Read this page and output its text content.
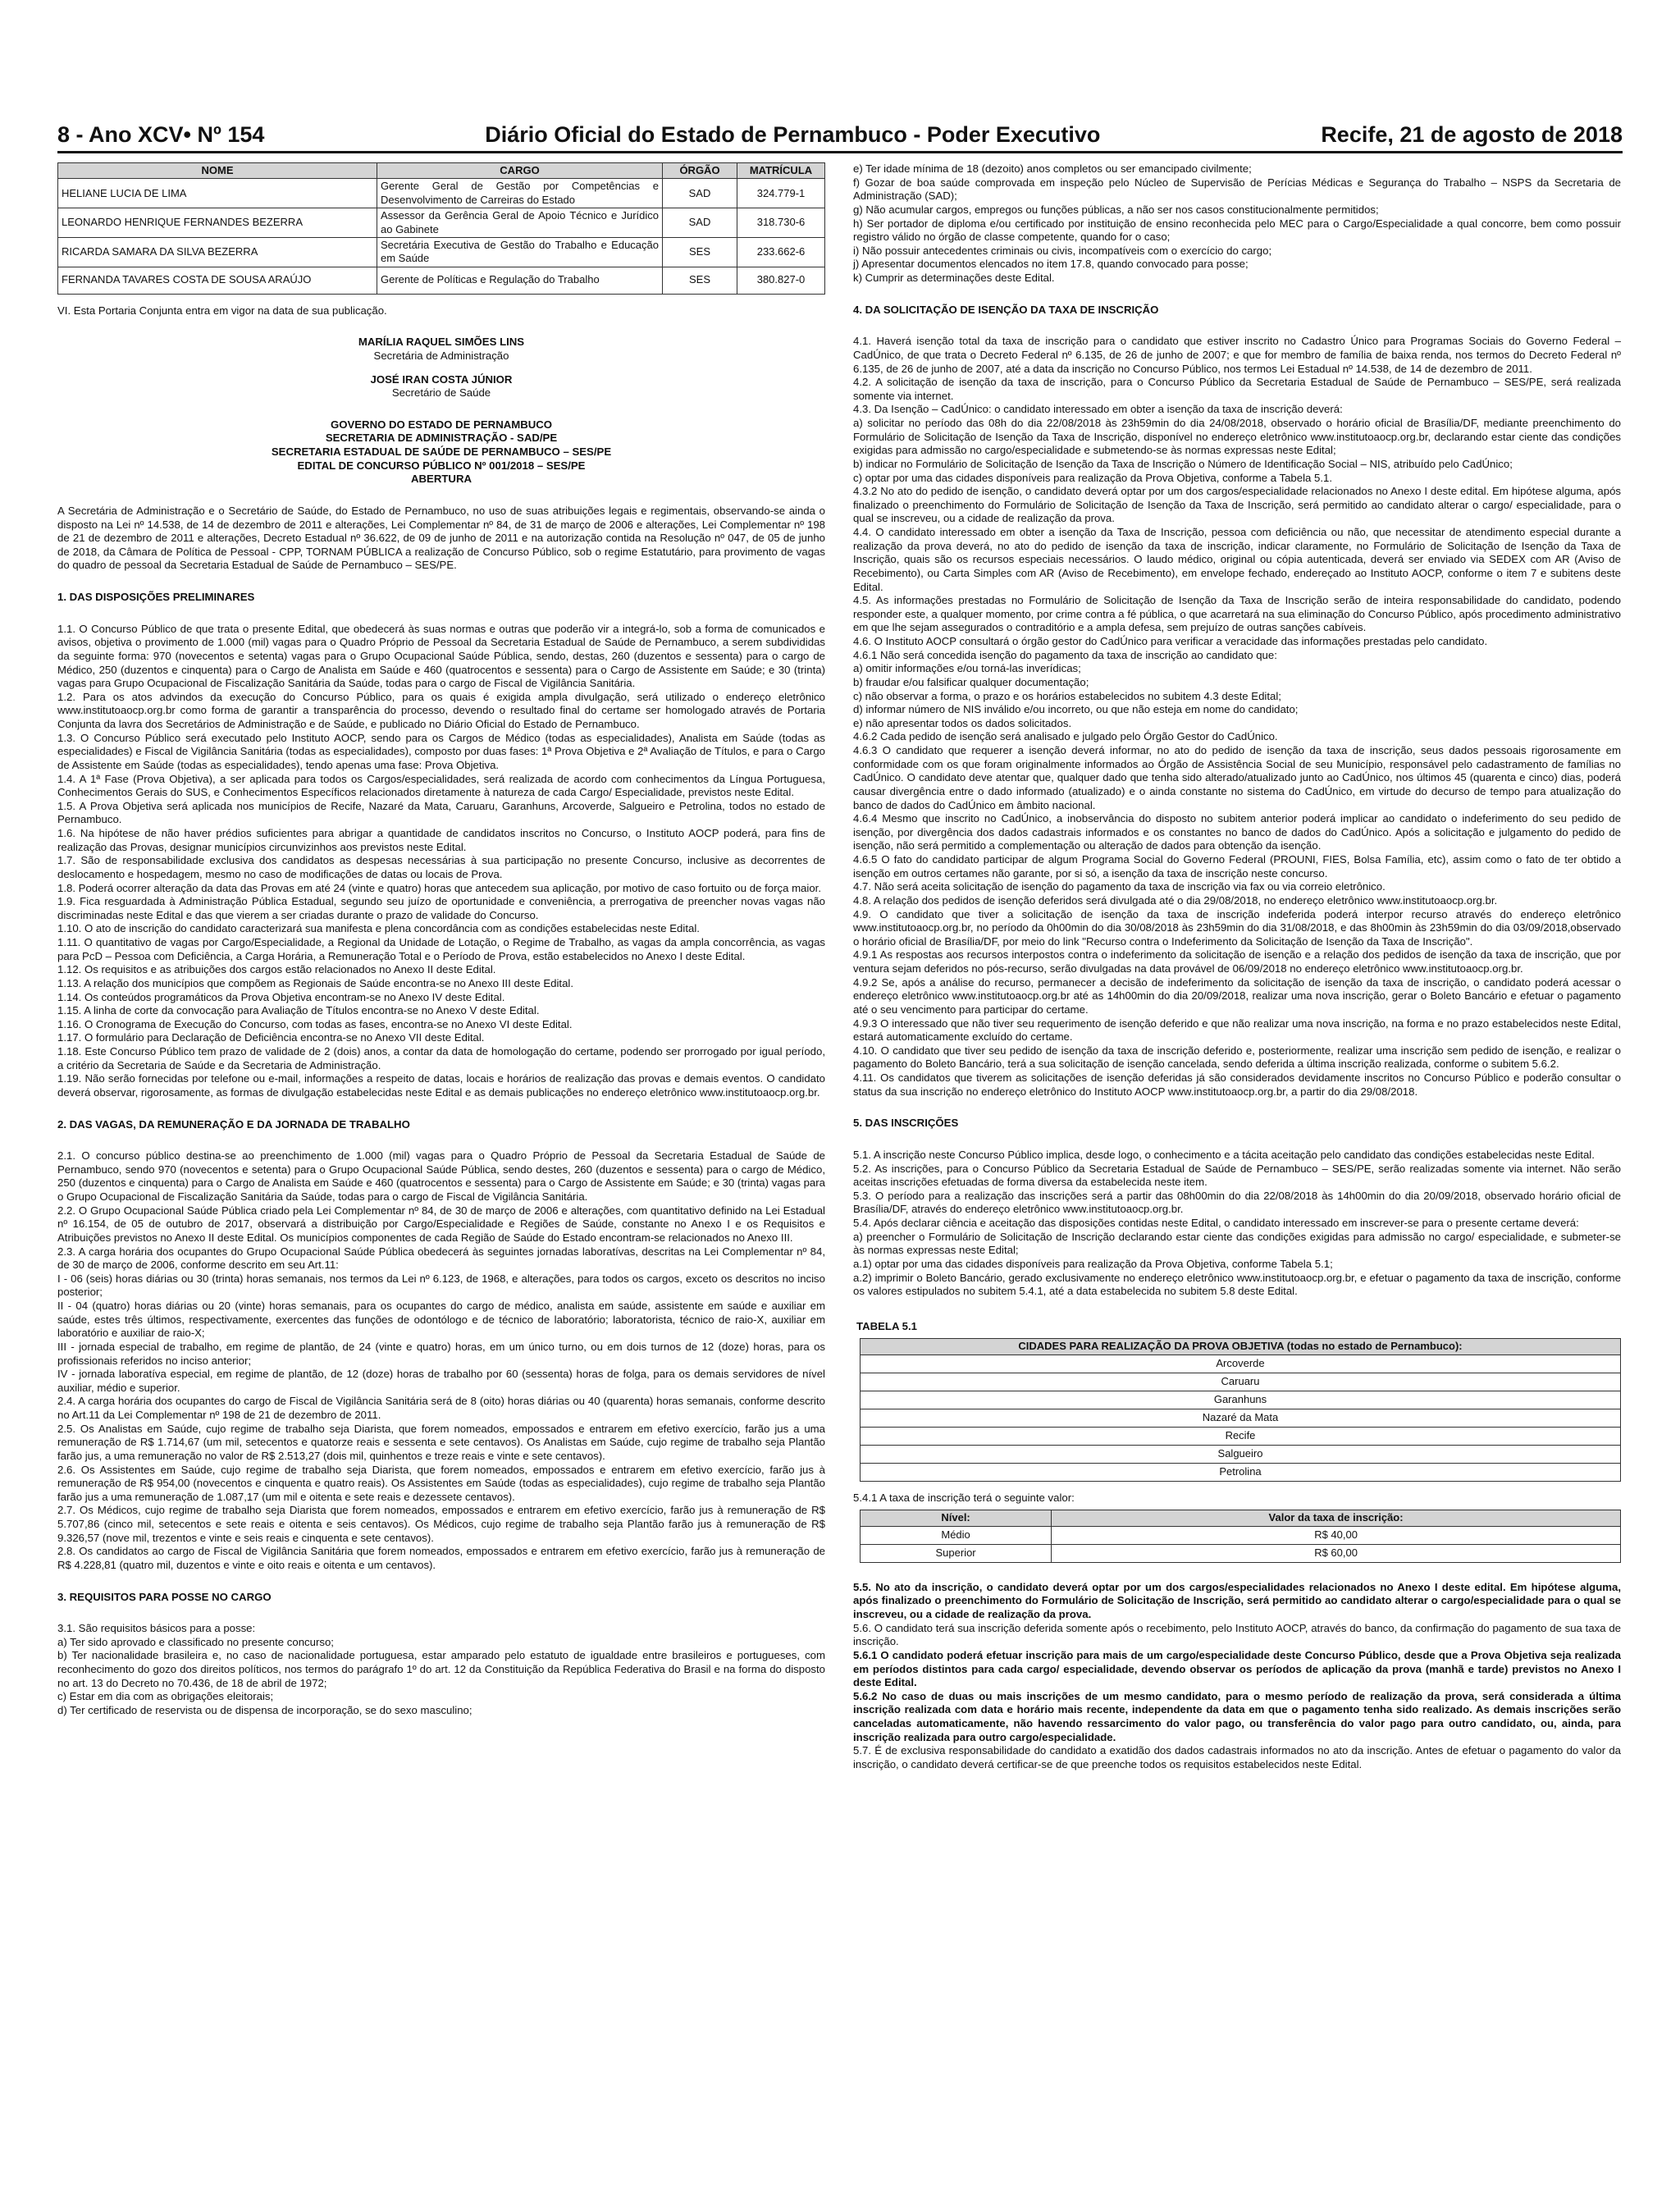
8 - Ano XCV• Nº 154	Diário Oficial do Estado de Pernambuco - Poder Executivo	Recife, 21 de agosto de 2018
NOME	CARGO	ÓRGÃO	MATRÍCULA
HELIANE LUCIA DE LIMA	Gerente Geral de Gestão por Competências e Desenvolvimento de Carreiras do Estado	SAD	324.779-1
LEONARDO HENRIQUE FERNANDES BEZERRA	Assessor da Gerência Geral de Apoio Técnico e Jurídico ao Gabinete	SAD	318.730-6
RICARDA SAMARA DA SILVA BEZERRA	Secretária Executiva de Gestão do Trabalho e Educação em Saúde	SES	233.662-6
FERNANDA TAVARES COSTA DE SOUSA ARAÚJO	Gerente de Políticas e Regulação do Trabalho	SES	380.827-0

VI. Esta Portaria Conjunta entra em vigor na data de sua publicação.

MARÍLIA RAQUEL SIMÕES LINS

Secretária de Administração

JOSÉ IRAN COSTA JÚNIOR

Secretário de Saúde

GOVERNO DO ESTADO DE PERNAMBUCO

SECRETARIA DE ADMINISTRAÇÃO - SAD/PE

SECRETARIA ESTADUAL DE SAÚDE DE PERNAMBUCO – SES/PE

EDITAL DE CONCURSO PÚBLICO Nº 001/2018 – SES/PE

ABERTURA

A Secretária de Administração e o Secretário de Saúde, do Estado de Pernambuco, no uso de suas atribuições legais e regimentais, observando-se ainda o disposto na Lei nº 14.538, de 14 de dezembro de 2011 e alterações, Lei Complementar nº 84, de 31 de março de 2006 e alterações, Lei Complementar nº 198 de 21 de dezembro de 2011 e alterações, Decreto Estadual nº 36.622, de 09 de junho de 2011 e na autorização contida na Resolução nº 047, de 05 de junho de 2018, da Câmara de Política de Pessoal - CPP, TORNAM PÚBLICA a realização de Concurso Público, sob o regime Estatutário, para provimento de vagas do quadro de pessoal da Secretaria Estadual de Saúde de Pernambuco – SES/PE.

1. DAS DISPOSIÇÕES PRELIMINARES

1.1. O Concurso Público de que trata o presente Edital, que obedecerá às suas normas e outras que poderão vir a integrá-lo, sob a forma de comunicados e avisos, objetiva o provimento de 1.000 (mil) vagas para o Quadro Próprio de Pessoal da Secretaria Estadual de Saúde de Pernambuco, a serem subdivididas da seguinte forma: 970 (novecentos e setenta) vagas para o Grupo Ocupacional Saúde Pública, sendo, destas, 260 (duzentos e sessenta) para o cargo de Médico, 250 (duzentos e cinquenta) para o Cargo de Analista em Saúde e 460 (quatrocentos e sessenta) para o Cargo de Assistente em Saúde; e 30 (trinta) vagas para Grupo Ocupacional de Fiscalização Sanitária da Saúde, todas para o cargo de Fiscal de Vigilância Sanitária.

1.2. Para os atos advindos da execução do Concurso Público, para os quais é exigida ampla divulgação, será utilizado o endereço eletrônico www.institutoaocp.org.br como forma de garantir a transparência do processo, devendo o resultado final do certame ser homologado através de Portaria Conjunta da lavra dos Secretários de Administração e de Saúde, e publicado no Diário Oficial do Estado de Pernambuco.

1.3. O Concurso Público será executado pelo Instituto AOCP, sendo para os Cargos de Médico (todas as especialidades), Analista em Saúde (todas as especialidades) e Fiscal de Vigilância Sanitária (todas as especialidades), composto por duas fases: 1ª Prova Objetiva e 2ª Avaliação de Títulos, e para o Cargo de Assistente em Saúde (todas as especialidades), tendo apenas uma fase: Prova Objetiva.

1.4. A 1ª Fase (Prova Objetiva), a ser aplicada para todos os Cargos/especialidades, será realizada de acordo com conhecimentos da Língua Portuguesa, Conhecimentos Gerais do SUS, e Conhecimentos Específicos relacionados diretamente à natureza de cada Cargo/ Especialidade, previstos neste Edital.

1.5. A Prova Objetiva será aplicada nos municípios de Recife, Nazaré da Mata, Caruaru, Garanhuns, Arcoverde, Salgueiro e Petrolina, todos no estado de Pernambuco.

1.6. Na hipótese de não haver prédios suficientes para abrigar a quantidade de candidatos inscritos no Concurso, o Instituto AOCP poderá, para fins de realização das Provas, designar municípios circunvizinhos aos previstos neste Edital.

1.7. São de responsabilidade exclusiva dos candidatos as despesas necessárias à sua participação no presente Concurso, inclusive as decorrentes de deslocamento e hospedagem, mesmo no caso de modificações de datas ou locais de Prova.

1.8. Poderá ocorrer alteração da data das Provas em até 24 (vinte e quatro) horas que antecedem sua aplicação, por motivo de caso fortuito ou de força maior.

1.9. Fica resguardada à Administração Pública Estadual, segundo seu juízo de oportunidade e conveniência, a prerrogativa de preencher novas vagas não discriminadas neste Edital e das que vierem a ser criadas durante o prazo de validade do Concurso.

1.10. O ato de inscrição do candidato caracterizará sua manifesta e plena concordância com as condições estabelecidas neste Edital.

1.11. O quantitativo de vagas por Cargo/Especialidade, a Regional da Unidade de Lotação, o Regime de Trabalho, as vagas da ampla concorrência, as vagas para PcD – Pessoa com Deficiência, a Carga Horária, a Remuneração Total e o Período de Prova, estão estabelecidos no Anexo I deste Edital.

1.12. Os requisitos e as atribuições dos cargos estão relacionados no Anexo II deste Edital.

1.13. A relação dos municípios que compõem as Regionais de Saúde encontra-se no Anexo III deste Edital.

1.14. Os conteúdos programáticos da Prova Objetiva encontram-se no Anexo IV deste Edital.

1.15. A linha de corte da convocação para Avaliação de Títulos encontra-se no Anexo V deste Edital.

1.16. O Cronograma de Execução do Concurso, com todas as fases, encontra-se no Anexo VI deste Edital.

1.17. O formulário para Declaração de Deficiência encontra-se no Anexo VII deste Edital.

1.18. Este Concurso Público tem prazo de validade de 2 (dois) anos, a contar da data de homologação do certame, podendo ser prorrogado por igual período, a critério da Secretaria de Saúde e da Secretaria de Administração.

1.19. Não serão fornecidas por telefone ou e-mail, informações a respeito de datas, locais e horários de realização das provas e demais eventos. O candidato deverá observar, rigorosamente, as formas de divulgação estabelecidas neste Edital e as demais publicações no endereço eletrônico www.institutoaocp.org.br.

2. DAS VAGAS, DA REMUNERAÇÃO E DA JORNADA DE TRABALHO

2.1. O concurso público destina-se ao preenchimento de 1.000 (mil) vagas para o Quadro Próprio de Pessoal da Secretaria Estadual de Saúde de Pernambuco, sendo 970 (novecentos e setenta) para o Grupo Ocupacional Saúde Pública, sendo destes, 260 (duzentos e sessenta) para o cargo de Médico, 250 (duzentos e cinquenta) para o Cargo de Analista em Saúde e 460 (quatrocentos e sessenta) para o Cargo de Assistente em Saúde; e 30 (trinta) vagas para o Grupo Ocupacional de Fiscalização Sanitária da Saúde, todas para o cargo de Fiscal de Vigilância Sanitária.

2.2. O Grupo Ocupacional Saúde Pública criado pela Lei Complementar nº 84, de 30 de março de 2006 e alterações, com quantitativo definido na Lei Estadual nº 16.154, de 05 de outubro de 2017, observará a distribuição por Cargo/Especialidade e Regiões de Saúde, constante no Anexo I e os Requisitos e Atribuições previstos no Anexo II deste Edital. Os municípios componentes de cada Região de Saúde do Estado encontram-se relacionados no Anexo III.

2.3. A carga horária dos ocupantes do Grupo Ocupacional Saúde Pública obedecerá às seguintes jornadas laboratívas, descritas na Lei Complementar nº 84, de 30 de março de 2006, conforme descrito em seu Art.11:

I - 06 (seis) horas diárias ou 30 (trinta) horas semanais, nos termos da Lei nº 6.123, de 1968, e alterações, para todos os cargos, exceto os descritos no inciso posterior;

II - 04 (quatro) horas diárias ou 20 (vinte) horas semanais, para os ocupantes do cargo de médico, analista em saúde, assistente em saúde e auxiliar em saúde, estes três últimos, respectivamente, exercentes das funções de odontólogo e de técnico de laboratório; laboratorista, técnico de raio-X, auxiliar em laboratório e auxiliar de raio-X;

III - jornada especial de trabalho, em regime de plantão, de 24 (vinte e quatro) horas, em um único turno, ou em dois turnos de 12 (doze) horas, para os profissionais referidos no inciso anterior;

IV - jornada laboratíva especial, em regime de plantão, de 12 (doze) horas de trabalho por 60 (sessenta) horas de folga, para os demais servidores de nível auxiliar, médio e superior.

2.4. A carga horária dos ocupantes do cargo de Fiscal de Vigilância Sanitária será de 8 (oito) horas diárias ou 40 (quarenta) horas semanais, conforme descrito no Art.11 da Lei Complementar nº 198 de 21 de dezembro de 2011.

2.5. Os Analistas em Saúde, cujo regime de trabalho seja Diarista, que forem nomeados, empossados e entrarem em efetivo exercício, farão jus a uma remuneração de R$ 1.714,67 (um mil, setecentos e quatorze reais e sessenta e sete centavos). Os Analistas em Saúde, cujo regime de trabalho seja Plantão farão jus, a uma remuneração no valor de R$ 2.513,27 (dois mil, quinhentos e treze reais e vinte e sete centavos).

2.6. Os Assistentes em Saúde, cujo regime de trabalho seja Diarista, que forem nomeados, empossados e entrarem em efetivo exercício, farão jus à remuneração de R$ 954,00 (novecentos e cinquenta e quatro reais). Os Assistentes em Saúde (todas as especialidades), cujo regime de trabalho seja Plantão farão jus a uma remuneração de 1.087,17 (um mil e oitenta e sete reais e dezessete centavos).

2.7. Os Médicos, cujo regime de trabalho seja Diarista que forem nomeados, empossados e entrarem em efetivo exercício, farão jus à remuneração de R$ 5.707,86 (cinco mil, setecentos e sete reais e oitenta e seis centavos). Os Médicos, cujo regime de trabalho seja Plantão farão jus à remuneração de R$ 9.326,57 (nove mil, trezentos e vinte e seis reais e cinquenta e sete centavos).

2.8. Os candidatos ao cargo de Fiscal de Vigilância Sanitária que forem nomeados, empossados e entrarem em efetivo exercício, farão jus à remuneração de R$ 4.228,81 (quatro mil, duzentos e vinte e oito reais e oitenta e um centavos).

3. REQUISITOS PARA POSSE NO CARGO

3.1. São requisitos básicos para a posse:

a) Ter sido aprovado e classificado no presente concurso;

b) Ter nacionalidade brasileira e, no caso de nacionalidade portuguesa, estar amparado pelo estatuto de igualdade entre brasileiros e portugueses, com reconhecimento do gozo dos direitos políticos, nos termos do parágrafo 1º do art. 12 da Constituição da República Federativa do Brasil e na forma do disposto no art. 13 do Decreto no 70.436, de 18 de abril de 1972;

c) Estar em dia com as obrigações eleitorais;

d) Ter certificado de reservista ou de dispensa de incorporação, se do sexo masculino;

e) Ter idade mínima de 18 (dezoito) anos completos ou ser emancipado civilmente;

f) Gozar de boa saúde comprovada em inspeção pelo Núcleo de Supervisão de Perícias Médicas e Segurança do Trabalho – NSPS da Secretaria de Administração (SAD);

g) Não acumular cargos, empregos ou funções públicas, a não ser nos casos constitucionalmente permitidos;

h) Ser portador de diploma e/ou certificado por instituição de ensino reconhecida pelo MEC para o Cargo/Especialidade a qual concorre, bem como possuir registro válido no órgão de classe competente, quando for o caso;

i) Não possuir antecedentes criminais ou civis, incompatíveis com o exercício do cargo;

j) Apresentar documentos elencados no item 17.8, quando convocado para posse;

k) Cumprir as determinações deste Edital.

4. DA SOLICITAÇÃO DE ISENÇÃO DA TAXA DE INSCRIÇÃO

4.1. Haverá isenção total da taxa de inscrição para o candidato que estiver inscrito no Cadastro Único para Programas Sociais do Governo Federal – CadÚnico, de que trata o Decreto Federal nº 6.135, de 26 de junho de 2007; e que for membro de família de baixa renda, nos termos do Decreto Federal nº 6.135, de 26 de junho de 2007, até a data da inscrição no Concurso Público, nos termos Lei Estadual nº 14.538, de 14 de dezembro de 2011.

4.2. A solicitação de isenção da taxa de inscrição, para o Concurso Público da Secretaria Estadual de Saúde de Pernambuco – SES/PE, será realizada somente via internet.

4.3. Da Isenção – CadÚnico: o candidato interessado em obter a isenção da taxa de inscrição deverá:

a) solicitar no período das 08h do dia 22/08/2018 às 23h59min do dia 24/08/2018, observado o horário oficial de Brasília/DF, mediante preenchimento do Formulário de Solicitação de Isenção da Taxa de Inscrição, disponível no endereço eletrônico www.institutoaocp.org.br, declarando estar ciente das condições exigidas para admissão no cargo/especialidade e submetendo-se às normas expressas neste Edital;

b) indicar no Formulário de Solicitação de Isenção da Taxa de Inscrição o Número de Identificação Social – NIS, atribuído pelo CadÚnico;

c) optar por uma das cidades disponíveis para realização da Prova Objetiva, conforme a Tabela 5.1.

4.3.2 No ato do pedido de isenção, o candidato deverá optar por um dos cargos/especialidade relacionados no Anexo I deste edital. Em hipótese alguma, após finalizado o preenchimento do Formulário de Solicitação de Isenção da Taxa de Inscrição, será permitido ao candidato alterar o cargo/ especialidade, para o qual se inscreveu, ou a cidade de realização da prova.

4.4. O candidato interessado em obter a isenção da Taxa de Inscrição, pessoa com deficiência ou não, que necessitar de atendimento especial durante a realização da prova deverá, no ato do pedido de isenção da taxa de inscrição, indicar claramente, no Formulário de Solicitação de Isenção da Taxa de Inscrição, quais são os recursos especiais necessários. O laudo médico, original ou cópia autenticada, deverá ser enviado via SEDEX com AR (Aviso de Recebimento), ou Carta Simples com AR (Aviso de Recebimento), em envelope fechado, endereçado ao Instituto AOCP, conforme o item 7 e subitens deste Edital.

4.5. As informações prestadas no Formulário de Solicitação de Isenção da Taxa de Inscrição serão de inteira responsabilidade do candidato, podendo responder este, a qualquer momento, por crime contra a fé pública, o que acarretará na sua eliminação do Concurso Público, após procedimento administrativo em que lhe sejam assegurados o contraditório e a ampla defesa, sem prejuízo de outras sanções cabíveis.

4.6. O Instituto AOCP consultará o órgão gestor do CadÚnico para verificar a veracidade das informações prestadas pelo candidato.

4.6.1 Não será concedida isenção do pagamento da taxa de inscrição ao candidato que:

a) omitir informações e/ou torná-las inverídicas;

b) fraudar e/ou falsificar qualquer documentação;

c) não observar a forma, o prazo e os horários estabelecidos no subitem 4.3 deste Edital;

d) informar número de NIS inválido e/ou incorreto, ou que não esteja em nome do candidato;

e) não apresentar todos os dados solicitados.

4.6.2 Cada pedido de isenção será analisado e julgado pelo Órgão Gestor do CadÚnico.

4.6.3 O candidato que requerer a isenção deverá informar, no ato do pedido de isenção da taxa de inscrição, seus dados pessoais rigorosamente em conformidade com os que foram originalmente informados ao Órgão de Assistência Social de seu Município, responsável pelo cadastramento de famílias no CadÚnico. O candidato deve atentar que, qualquer dado que tenha sido alterado/atualizado junto ao CadÚnico, nos últimos 45 (quarenta e cinco) dias, poderá causar divergência entre o dado informado (atualizado) e o ainda constante no sistema do CadÚnico, em virtude do decurso de tempo para atualização do banco de dados do CadÚnico em âmbito nacional.

4.6.4 Mesmo que inscrito no CadÚnico, a inobservância do disposto no subitem anterior poderá implicar ao candidato o indeferimento do seu pedido de isenção, por divergência dos dados cadastrais informados e os constantes no banco de dados do CadÚnico. Após a solicitação e julgamento do pedido de isenção, não será permitido a complementação ou alteração de dados para obtenção da isenção.

4.6.5 O fato do candidato participar de algum Programa Social do Governo Federal (PROUNI, FIES, Bolsa Família, etc), assim como o fato de ter obtido a isenção em outros certames não garante, por si só, a isenção da taxa de inscrição neste concurso.

4.7. Não será aceita solicitação de isenção do pagamento da taxa de inscrição via fax ou via correio eletrônico.

4.8. A relação dos pedidos de isenção deferidos será divulgada até o dia 29/08/2018, no endereço eletrônico www.institutoaocp.org.br.

4.9. O candidato que tiver a solicitação de isenção da taxa de inscrição indeferida poderá interpor recurso através do endereço eletrônico www.institutoaocp.org.br, no período da 0h00min do dia 30/08/2018 às 23h59min do dia 31/08/2018, e das 8h00min às 23h59min do dia 03/09/2018,observado o horário oficial de Brasília/DF, por meio do link "Recurso contra o Indeferimento da Solicitação de Isenção da Taxa de Inscrição".

4.9.1 As respostas aos recursos interpostos contra o indeferimento da solicitação de isenção e a relação dos pedidos de isenção da taxa de inscrição, que por ventura sejam deferidos no pós-recurso, serão divulgadas na data provável de 06/09/2018 no endereço eletrônico www.institutoaocp.org.br.

4.9.2 Se, após a análise do recurso, permanecer a decisão de indeferimento da solicitação de isenção da taxa de inscrição, o candidato poderá acessar o endereço eletrônico www.institutoaocp.org.br até as 14h00min do dia 20/09/2018, realizar uma nova inscrição, gerar o Boleto Bancário e efetuar o pagamento até o seu vencimento para participar do certame.

4.9.3 O interessado que não tiver seu requerimento de isenção deferido e que não realizar uma nova inscrição, na forma e no prazo estabelecidos neste Edital, estará automaticamente excluído do certame.

4.10. O candidato que tiver seu pedido de isenção da taxa de inscrição deferido e, posteriormente, realizar uma inscrição sem pedido de isenção, e realizar o pagamento do Boleto Bancário, terá a sua solicitação de isenção cancelada, sendo deferida a última inscrição realizada, conforme o subitem 5.6.2.

4.11. Os candidatos que tiverem as solicitações de isenção deferidas já são considerados devidamente inscritos no Concurso Público e poderão consultar o status da sua inscrição no endereço eletrônico do Instituto AOCP www.institutoaocp.org.br, a partir do dia 29/08/2018.

5. DAS INSCRIÇÕES

5.1. A inscrição neste Concurso Público implica, desde logo, o conhecimento e a tácita aceitação pelo candidato das condições estabelecidas neste Edital.

5.2. As inscrições, para o Concurso Público da Secretaria Estadual de Saúde de Pernambuco – SES/PE, serão realizadas somente via internet. Não serão aceitas inscrições efetuadas de forma diversa da estabelecida neste item.

5.3. O período para a realização das inscrições será a partir das 08h00min do dia 22/08/2018 às 14h00min do dia 20/09/2018, observado horário oficial de Brasília/DF, através do endereço eletrônico www.institutoaocp.org.br.

5.4. Após declarar ciência e aceitação das disposições contidas neste Edital, o candidato interessado em inscrever-se para o presente certame deverá:

a) preencher o Formulário de Solicitação de Inscrição declarando estar ciente das condições exigidas para admissão no cargo/ especialidade, e submeter-se às normas expressas neste Edital;

a.1) optar por uma das cidades disponíveis para realização da Prova Objetiva, conforme Tabela 5.1;

a.2) imprimir o Boleto Bancário, gerado exclusivamente no endereço eletrônico www.institutoaocp.org.br, e efetuar o pagamento da taxa de inscrição, conforme os valores estipulados no subitem 5.4.1, até a data estabelecida no subitem 5.8 deste Edital.

TABELA 5.1

CIDADES PARA REALIZAÇÃO DA PROVA OBJETIVA (todas no estado de Pernambuco):
Arcoverde
Caruaru
Garanhuns
Nazaré da Mata
Recife
Salgueiro
Petrolina

5.4.1 A taxa de inscrição terá o seguinte valor:

Nível:	Valor da taxa de inscrição:
Médio	R$ 40,00
Superior	R$ 60,00

5.5. No ato da inscrição, o candidato deverá optar por um dos cargos/especialidades relacionados no Anexo I deste edital. Em hipótese alguma, após finalizado o preenchimento do Formulário de Solicitação de Inscrição, será permitido ao candidato alterar o cargo/especialidade para o qual se inscreveu, ou a cidade de realização da prova.

5.6. O candidato terá sua inscrição deferida somente após o recebimento, pelo Instituto AOCP, através do banco, da confirmação do pagamento de sua taxa de inscrição.

5.6.1 O candidato poderá efetuar inscrição para mais de um cargo/especialidade deste Concurso Público, desde que a Prova Objetiva seja realizada em períodos distintos para cada cargo/ especialidade, devendo observar os períodos de aplicação da prova (manhã e tarde) previstos no Anexo I deste Edital.

5.6.2 No caso de duas ou mais inscrições de um mesmo candidato, para o mesmo período de realização da prova, será considerada a última inscrição realizada com data e horário mais recente, independente da data em que o pagamento tenha sido realizado. As demais inscrições serão canceladas automaticamente, não havendo ressarcimento do valor pago, ou transferência do valor pago para outro candidato, ou, ainda, para inscrição realizada para outro cargo/especialidade.

5.7. É de exclusiva responsabilidade do candidato a exatidão dos dados cadastrais informados no ato da inscrição. Antes de efetuar o pagamento do valor da inscrição, o candidato deverá certificar-se de que preenche todos os requisitos estabelecidos neste Edital.
